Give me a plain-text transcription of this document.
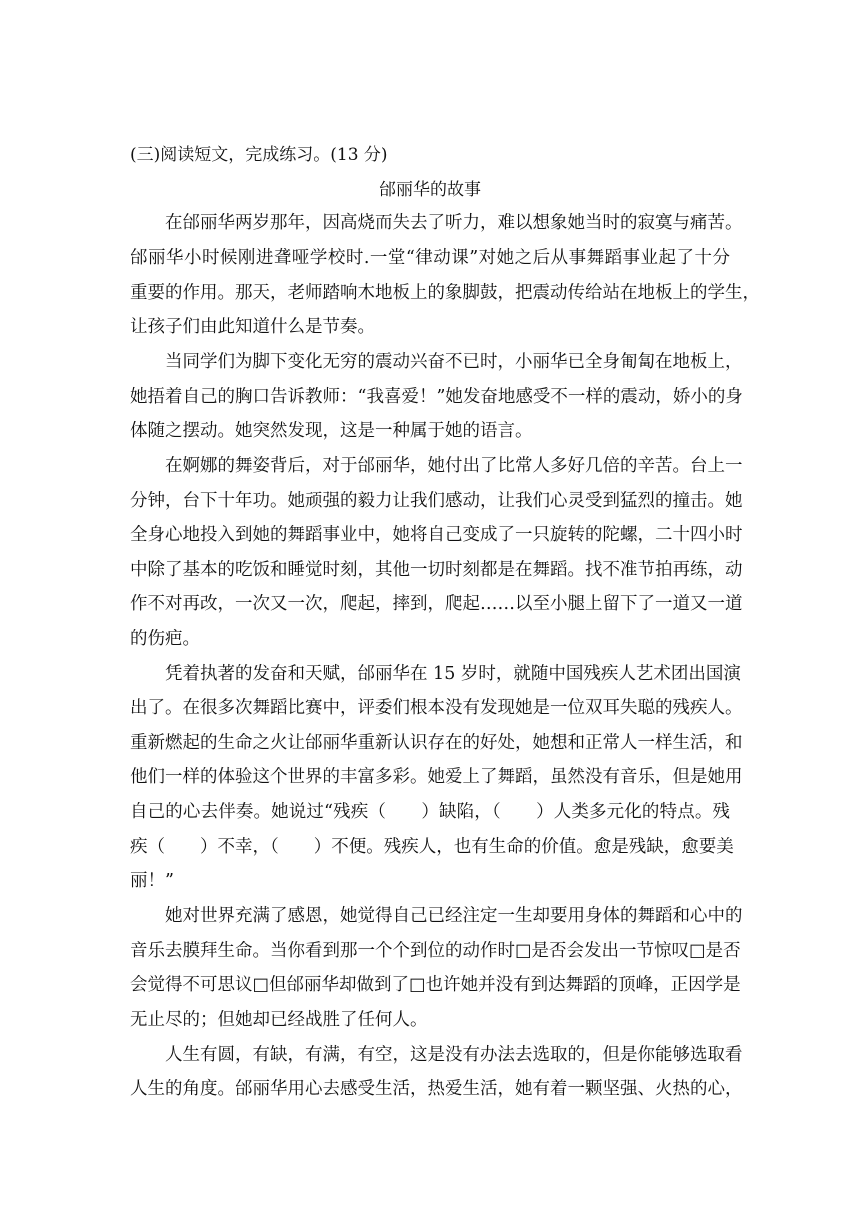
(三)阅读短文，完成练习。(13 分)
邰丽华的故事
在邰丽华两岁那年，因高烧而失去了听力，难以想象她当时的寂寞与痛苦。
邰丽华小时候刚进聋哑学校时.一堂“律动课”对她之后从事舞蹈事业起了十分
重要的作用。那天，老师踏响木地板上的象脚鼓，把震动传给站在地板上的学生，
让孩子们由此知道什么是节奏。
当同学们为脚下变化无穷的震动兴奋不已时，小丽华已全身匍匐在地板上，
她捂着自己的胸口告诉教师：“我喜爱！”她发奋地感受不一样的震动，娇小的身
体随之摆动。她突然发现，这是一种属于她的语言。
在婀娜的舞姿背后，对于邰丽华，她付出了比常人多好几倍的辛苦。台上一
分钟，台下十年功。她顽强的毅力让我们感动，让我们心灵受到猛烈的撞击。她
全身心地投入到她的舞蹈事业中，她将自己变成了一只旋转的陀螺，二十四小时
中除了基本的吃饭和睡觉时刻，其他一切时刻都是在舞蹈。找不准节拍再练，动
作不对再改，一次又一次，爬起，摔到，爬起……以至小腿上留下了一道又一道
的伤疤。
凭着执著的发奋和天赋，邰丽华在 15 岁时，就随中国残疾人艺术团出国演
出了。在很多次舞蹈比赛中，评委们根本没有发现她是一位双耳失聪的残疾人。
重新燃起的生命之火让邰丽华重新认识存在的好处，她想和正常人一样生活，和
他们一样的体验这个世界的丰富多彩。她爱上了舞蹈，虽然没有音乐，但是她用
自己的心去伴奏。她说过“残疾（　　）缺陷，（　　）人类多元化的特点。残
疾（　　）不幸，（　　）不便。残疾人，也有生命的价值。愈是残缺，愈要美
丽！”
她对世界充满了感恩，她觉得自己已经注定一生却要用身体的舞蹈和心中的
音乐去膜拜生命。当你看到那一个个到位的动作时□是否会发出一节惊叹□是否
会觉得不可思议□但邰丽华却做到了□也许她并没有到达舞蹈的顶峰，正因学是
无止尽的；但她却已经战胜了任何人。
人生有圆，有缺，有满，有空，这是没有办法去选取的，但是你能够选取看
人生的角度。邰丽华用心去感受生活，热爱生活，她有着一颗坚强、火热的心，
